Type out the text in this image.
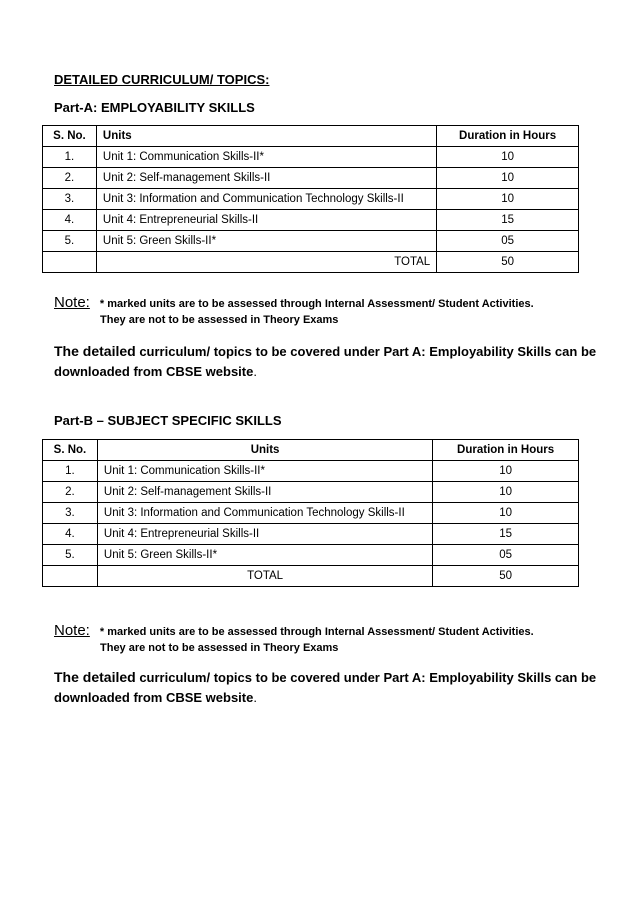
DETAILED CURRICULUM/ TOPICS:
Part-A: EMPLOYABILITY SKILLS
S. No.	Units	Duration in Hours
1.	Unit 1: Communication Skills-II*	10
2.	Unit 2: Self-management Skills-II	10
3.	Unit 3: Information and Communication Technology Skills-II	10
4.	Unit 4: Entrepreneurial Skills-II	15
5.	Unit 5: Green Skills-II*	05
	TOTAL	50
Note: * marked units are to be assessed through Internal Assessment/ Student Activities.
They are not to be assessed in Theory Exams
The detailed curriculum/ topics to be covered under Part A: Employability Skills can be downloaded from CBSE website.
Part-B – SUBJECT SPECIFIC SKILLS
S. No.	Units	Duration in Hours
1.	Unit 1: Communication Skills-II*	10
2.	Unit 2: Self-management Skills-II	10
3.	Unit 3: Information and Communication Technology Skills-II	10
4.	Unit 4: Entrepreneurial Skills-II	15
5.	Unit 5: Green Skills-II*	05
	TOTAL	50
Note: * marked units are to be assessed through Internal Assessment/ Student Activities.
They are not to be assessed in Theory Exams
The detailed curriculum/ topics to be covered under Part A: Employability Skills can be downloaded from CBSE website.
